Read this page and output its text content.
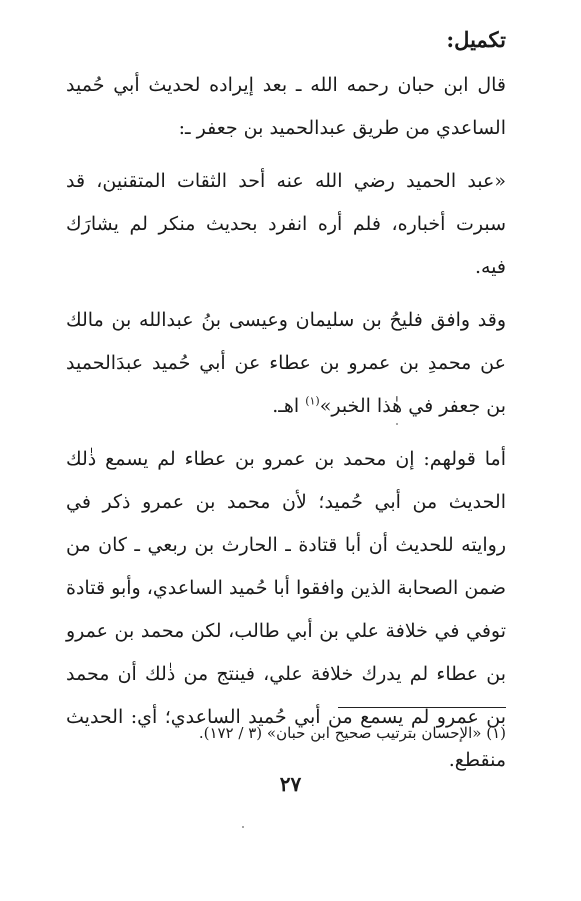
تكميل:

قال ابن حبان رحمه الله ـ بعد إيراده لحديث أبي حُميد الساعدي من طريق عبدالحميد بن جعفر ـ:

«عبد الحميد رضي الله عنه أحد الثقات المتقنين، قد سبرت أخباره، فلم أره انفرد بحديث منكر لم يشارَك فيه.

وقد وافق فليحُ بن سليمان وعيسى بنُ عبدالله بن مالك عن محمدِ بن عمرو بن عطاء عن أبي حُميد عبدَالحميد بن جعفر في هٰذا الخبر»$^{(١)}$ اهـ.

أما قولهم: إن محمد بن عمرو بن عطاء لم يسمع ذٰلك الحديث من أبي حُميد؛ لأن محمد بن عمرو ذكر في روايته للحديث أن أبا قتادة ـ الحارث بن ربعي ـ كان من ضمن الصحابة الذين وافقوا أبا حُميد الساعدي، وأبو قتادة توفي في خلافة علي بن أبي طالب، لكن محمد بن عمرو بن عطاء لم يدرك خلافة علي، فينتج من ذٰلك أن محمد بن عمرو لم يسمع من أبي حُميد الساعدي؛ أي: الحديث منقطع.

(١) «الإحسان بترتيب صحيح ابن حبان» (٣ / ١٧٢).
٢٧
